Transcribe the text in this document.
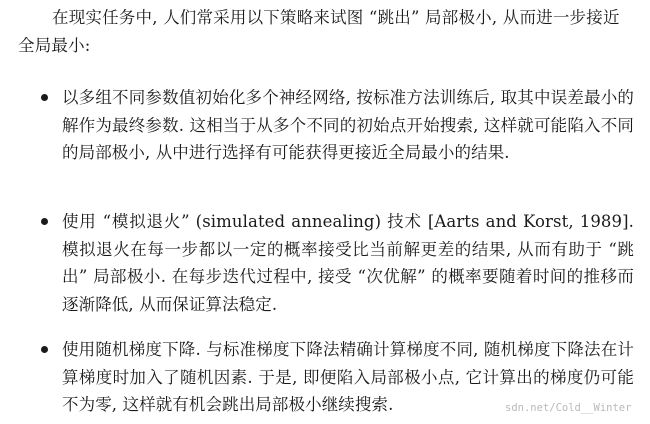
在现实任务中, 人们常采用以下策略来试图 “跳出” 局部极小, 从而进一步接近全局最小:

以多组不同参数值初始化多个神经网络, 按标准方法训练后, 取其中误差最小的解作为最终参数. 这相当于从多个不同的初始点开始搜索, 这样就可能陷入不同的局部极小, 从中进行选择有可能获得更接近全局最小的结果.
使用 “模拟退火” (simulated annealing) 技术 [Aarts and Korst, 1989]. 模拟退火在每一步都以一定的概率接受比当前解更差的结果, 从而有助于 “跳出” 局部极小. 在每步迭代过程中, 接受 “次优解” 的概率要随着时间的推移而逐渐降低, 从而保证算法稳定.
使用随机梯度下降. 与标准梯度下降法精确计算梯度不同, 随机梯度下降法在计算梯度时加入了随机因素. 于是, 即便陷入局部极小点, 它计算出的梯度仍可能不为零, 这样就有机会跳出局部极小继续搜索.	sdn.net/Cold__Winter
